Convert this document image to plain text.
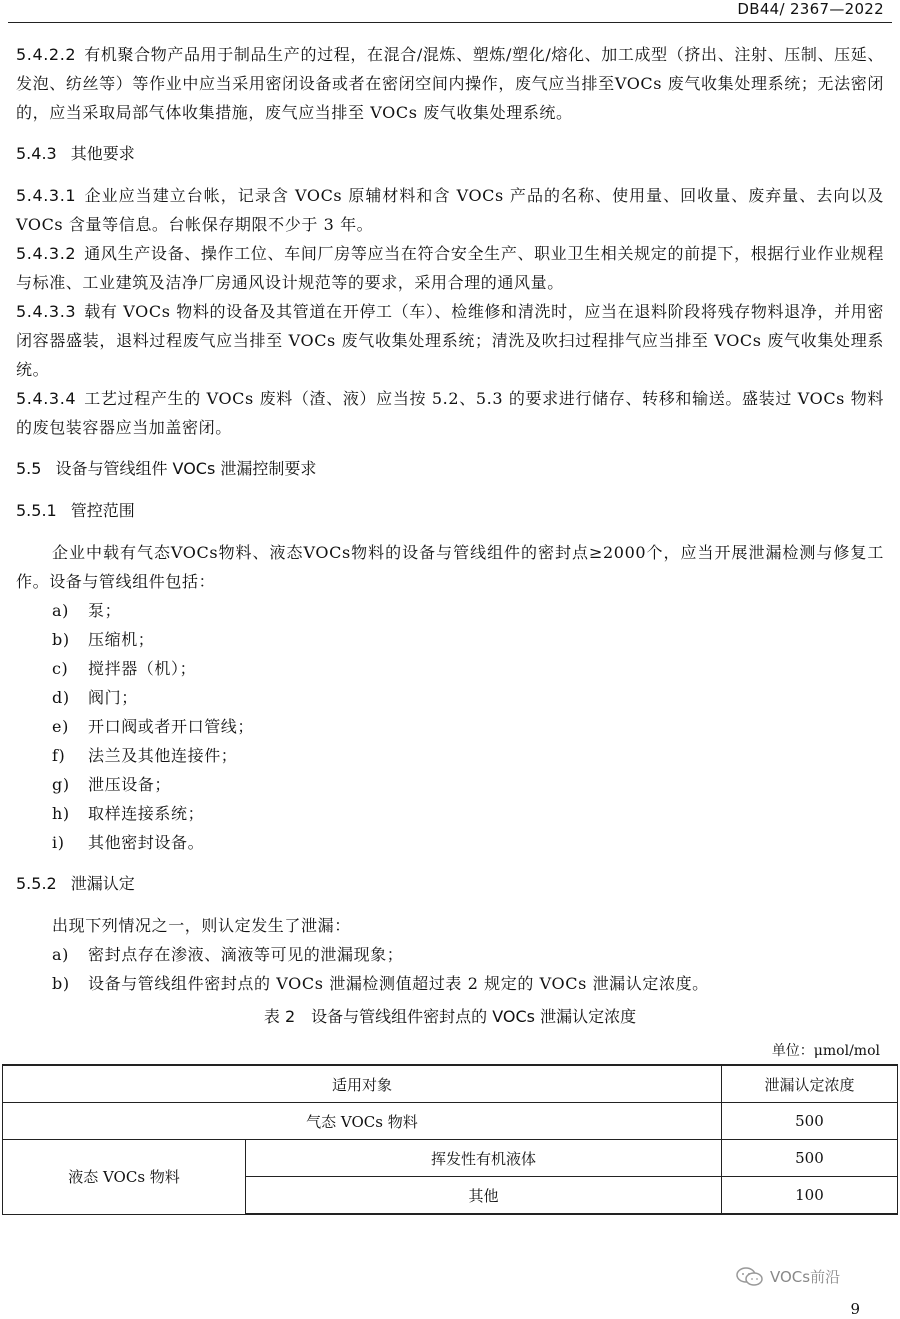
DB44/ 2367—2022

5.4.2.2 有机聚合物产品用于制品生产的过程，在混合/混炼、塑炼/塑化/熔化、加工成型（挤出、注射、压制、压延、发泡、纺丝等）等作业中应当采用密闭设备或者在密闭空间内操作，废气应当排至VOCs 废气收集处理系统；无法密闭的，应当采取局部气体收集措施，废气应当排至 VOCs 废气收集处理系统。

5.4.3 其他要求

5.4.3.1 企业应当建立台帐，记录含 VOCs 原辅材料和含 VOCs 产品的名称、使用量、回收量、废弃量、去向以及 VOCs 含量等信息。台帐保存期限不少于 3 年。

5.4.3.2 通风生产设备、操作工位、车间厂房等应当在符合安全生产、职业卫生相关规定的前提下，根据行业作业规程与标准、工业建筑及洁净厂房通风设计规范等的要求，采用合理的通风量。

5.4.3.3 载有 VOCs 物料的设备及其管道在开停工（车）、检维修和清洗时，应当在退料阶段将残存物料退净，并用密闭容器盛装，退料过程废气应当排至 VOCs 废气收集处理系统；清洗及吹扫过程排气应当排至 VOCs 废气收集处理系统。

5.4.3.4 工艺过程产生的 VOCs 废料（渣、液）应当按 5.2、5.3 的要求进行储存、转移和输送。盛装过 VOCs 物料的废包装容器应当加盖密闭。

5.5 设备与管线组件 VOCs 泄漏控制要求

5.5.1 管控范围

企业中载有气态VOCs物料、液态VOCs物料的设备与管线组件的密封点≥2000个，应当开展泄漏检测与修复工作。设备与管线组件包括：

a) 泵；
b) 压缩机；
c) 搅拌器（机）；
d) 阀门；
e) 开口阀或者开口管线；
f) 法兰及其他连接件；
g) 泄压设备；
h) 取样连接系统；
i) 其他密封设备。

5.5.2 泄漏认定

出现下列情况之一，则认定发生了泄漏：

a) 密封点存在渗液、滴液等可见的泄漏现象；
b) 设备与管线组件密封点的 VOCs 泄漏检测值超过表 2 规定的 VOCs 泄漏认定浓度。

表 2　设备与管线组件密封点的 VOCs 泄漏认定浓度

单位：μmol/mol
适用对象		泄漏认定浓度
气态 VOCs 物料		500
液态 VOCs 物料	挥发性有机液体	500
	其他	100
VOCs前沿
9
